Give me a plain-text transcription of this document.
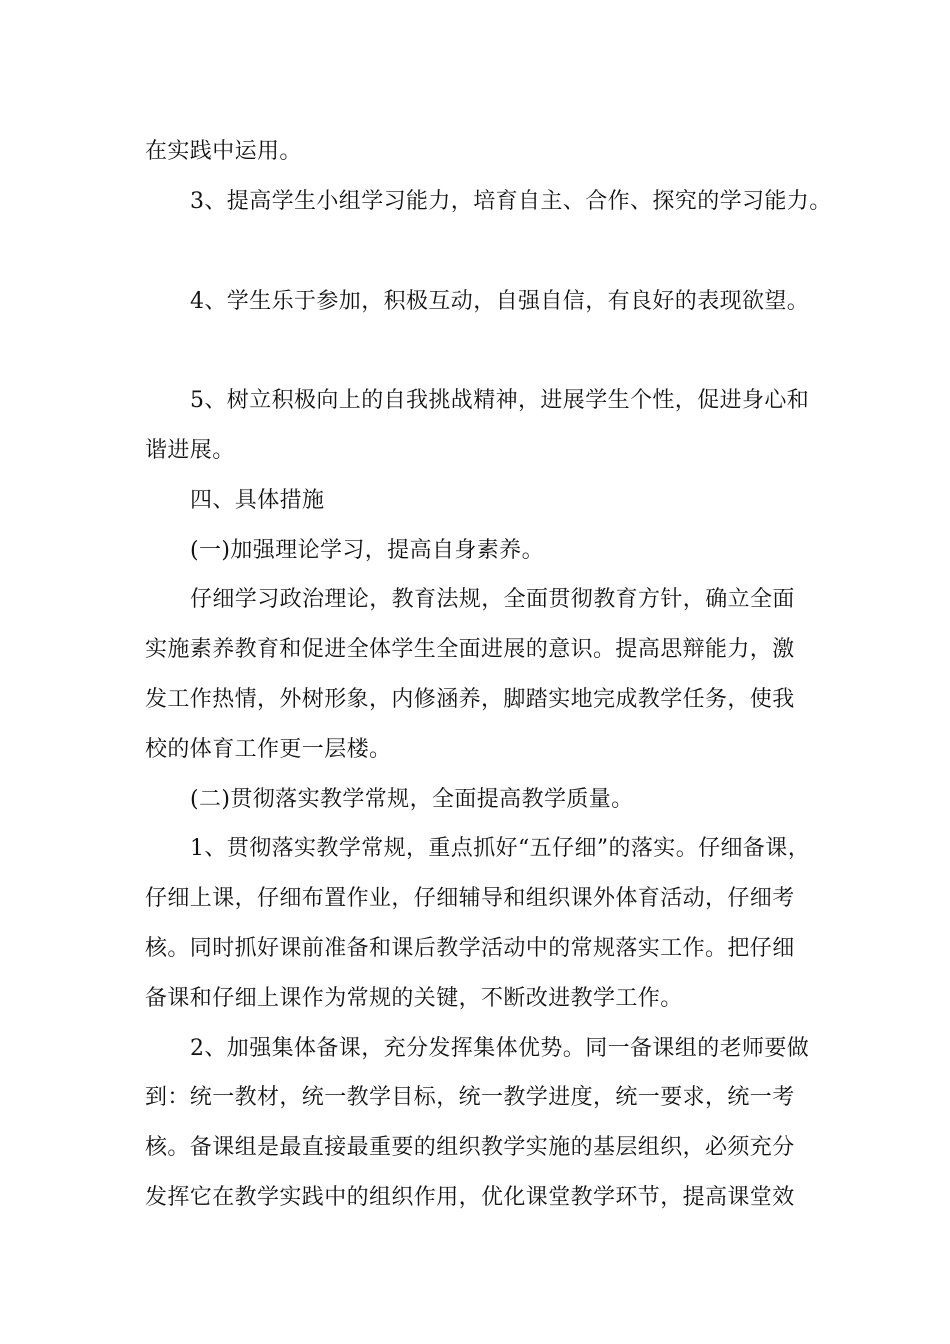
在实践中运用。
3、提高学生小组学习能力，培育自主、合作、探究的学习能力。
4、学生乐于参加，积极互动，自强自信，有良好的表现欲望。
5、树立积极向上的自我挑战精神，进展学生个性，促进身心和
谐进展。
四、具体措施
(一)加强理论学习，提高自身素养。
仔细学习政治理论，教育法规，全面贯彻教育方针，确立全面
实施素养教育和促进全体学生全面进展的意识。提高思辩能力，激
发工作热情，外树形象，内修涵养，脚踏实地完成教学任务，使我
校的体育工作更一层楼。
(二)贯彻落实教学常规，全面提高教学质量。
1、贯彻落实教学常规，重点抓好“五仔细”的落实。仔细备课，
仔细上课，仔细布置作业，仔细辅导和组织课外体育活动，仔细考
核。同时抓好课前准备和课后教学活动中的常规落实工作。把仔细
备课和仔细上课作为常规的关键，不断改进教学工作。
2、加强集体备课，充分发挥集体优势。同一备课组的老师要做
到：统一教材，统一教学目标，统一教学进度，统一要求，统一考
核。备课组是最直接最重要的组织教学实施的基层组织，必须充分
发挥它在教学实践中的组织作用，优化课堂教学环节，提高课堂效
